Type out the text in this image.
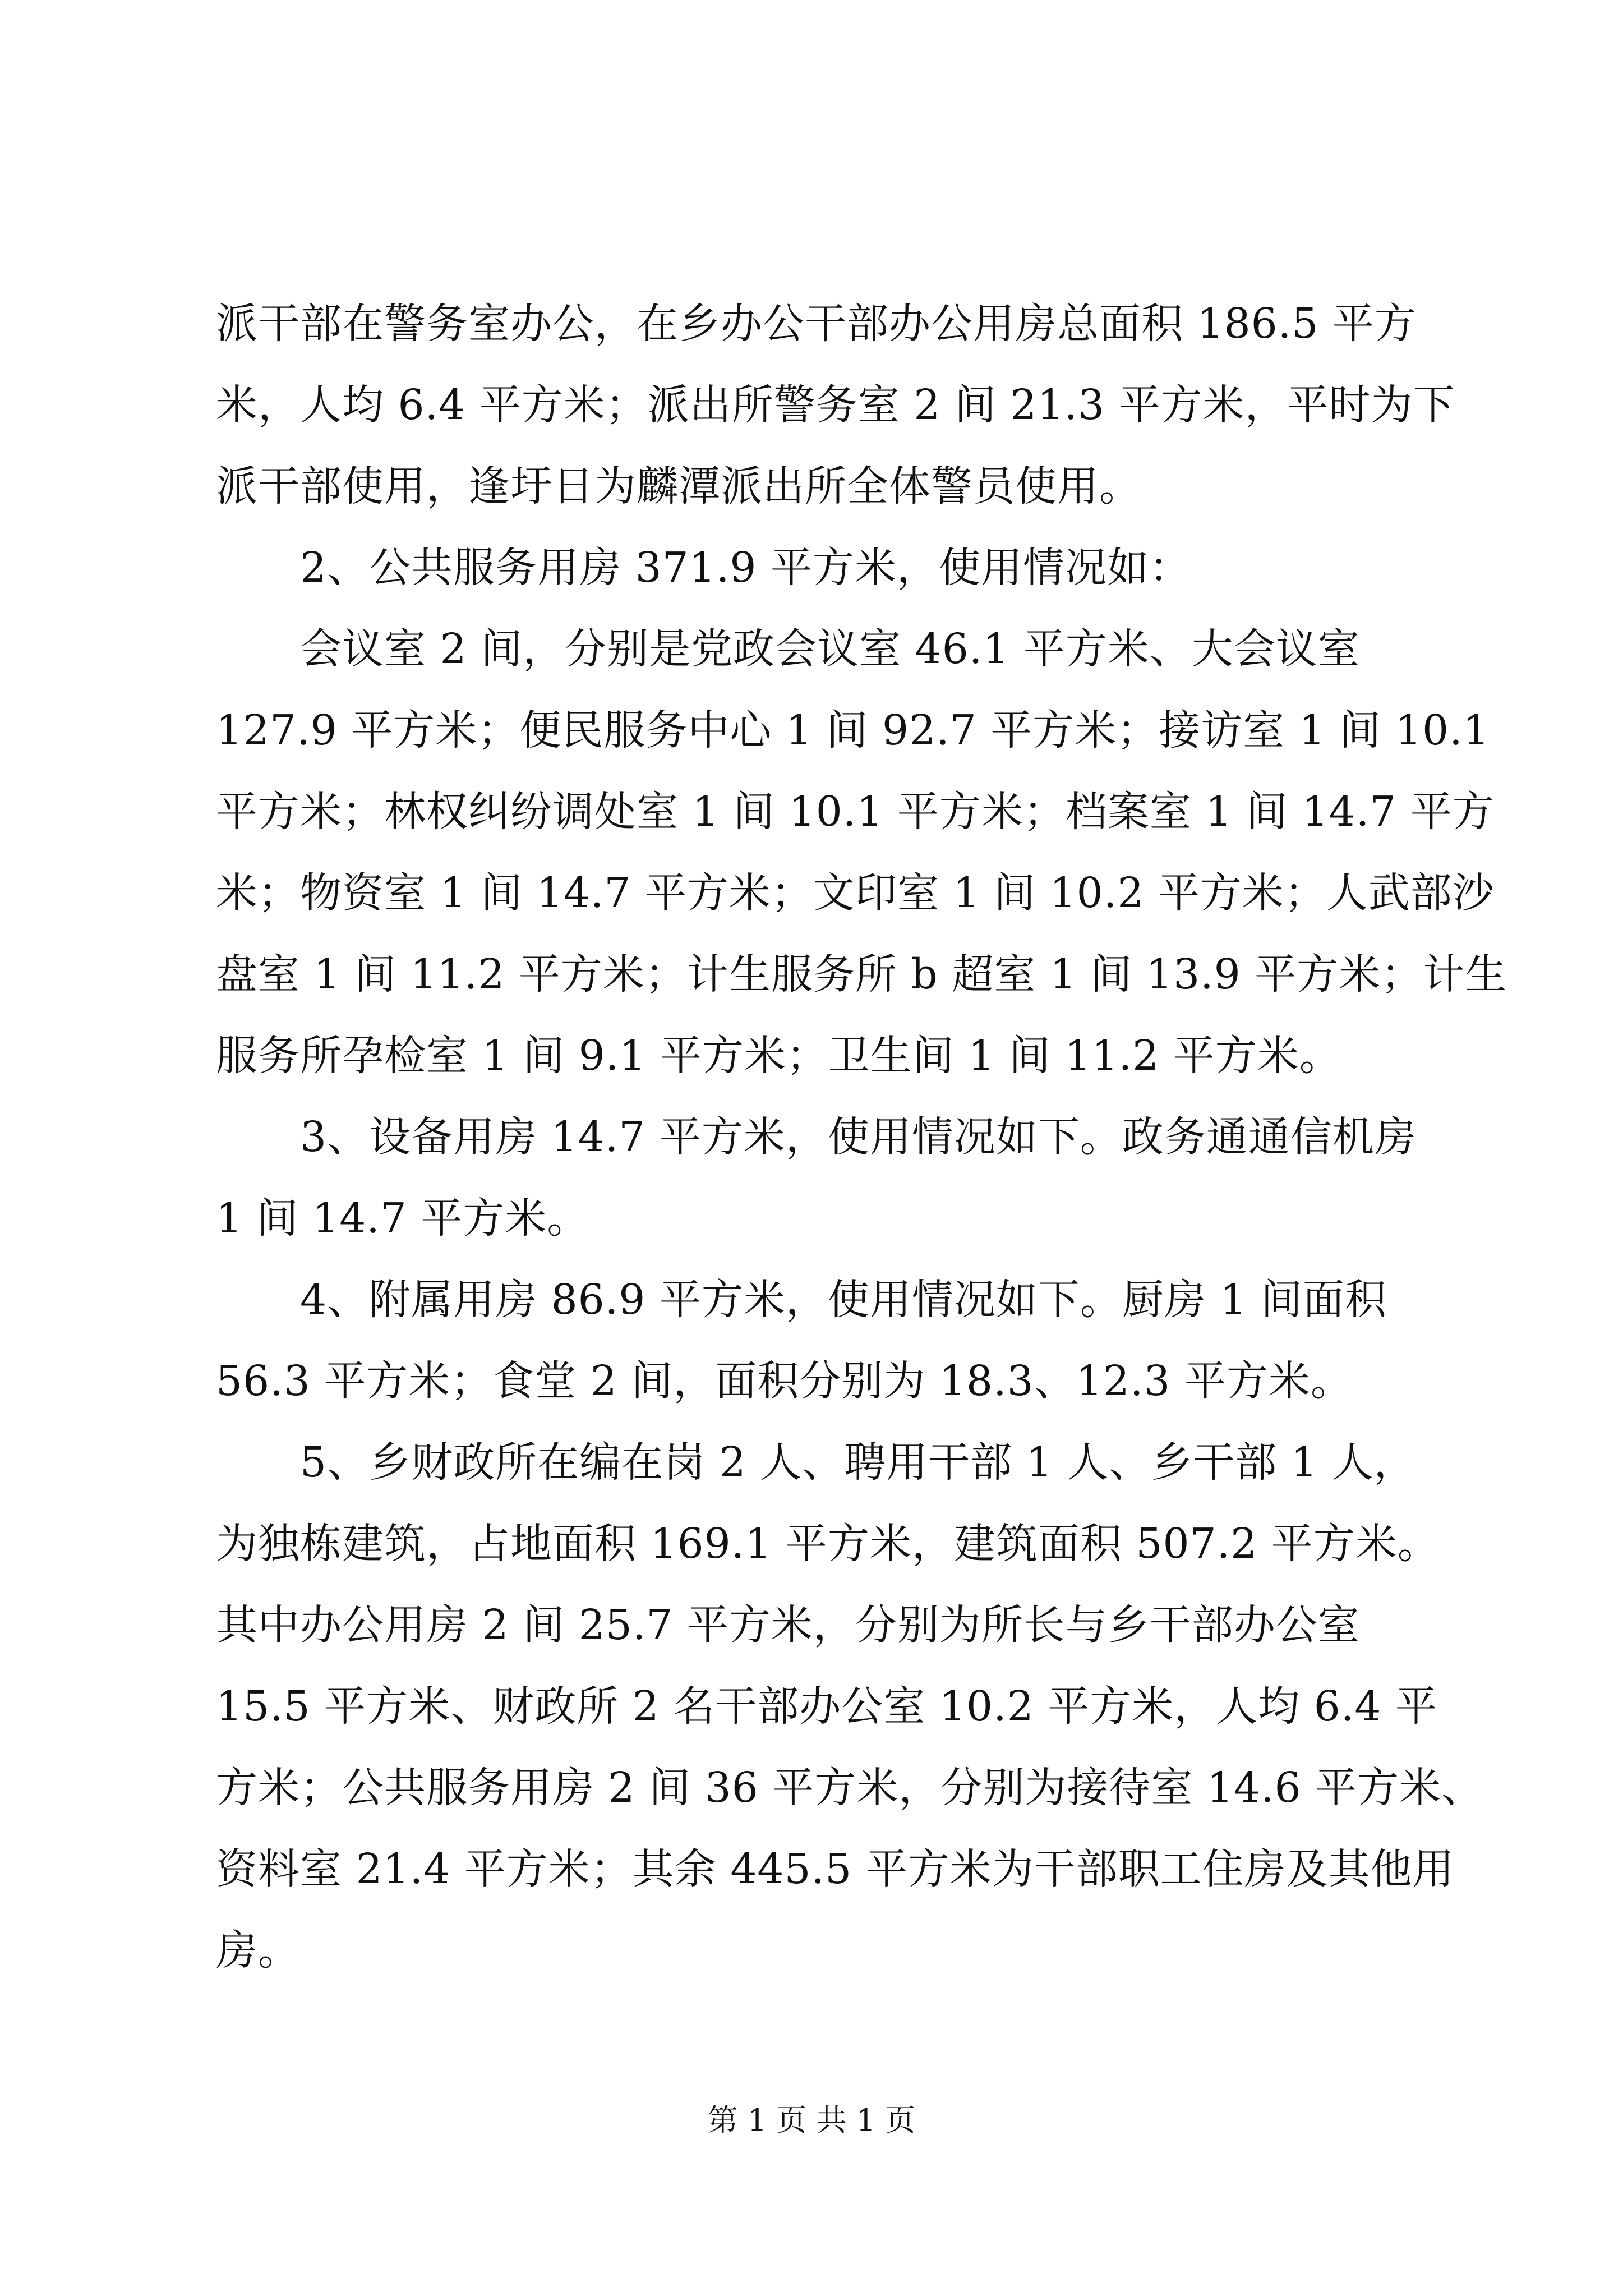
派干部在警务室办公，在乡办公干部办公用房总面积 186.5 平方
米，人均 6.4 平方米；派出所警务室 2 间 21.3 平方米，平时为下
派干部使用，逢圩日为麟潭派出所全体警员使用。
2、公共服务用房 371.9 平方米，使用情况如：
会议室 2 间，分别是党政会议室 46.1 平方米、大会议室
127.9 平方米；便民服务中心 1 间 92.7 平方米；接访室 1 间 10.1
平方米；林权纠纷调处室 1 间 10.1 平方米；档案室 1 间 14.7 平方
米；物资室 1 间 14.7 平方米；文印室 1 间 10.2 平方米；人武部沙
盘室 1 间 11.2 平方米；计生服务所 b 超室 1 间 13.9 平方米；计生
服务所孕检室 1 间 9.1 平方米；卫生间 1 间 11.2 平方米。
3、设备用房 14.7 平方米，使用情况如下。政务通通信机房
1 间 14.7 平方米。
4、附属用房 86.9 平方米，使用情况如下。厨房 1 间面积
56.3 平方米；食堂 2 间，面积分别为 18.3、12.3 平方米。
5、乡财政所在编在岗 2 人、聘用干部 1 人、乡干部 1 人，
为独栋建筑，占地面积 169.1 平方米，建筑面积 507.2 平方米。
其中办公用房 2 间 25.7 平方米，分别为所长与乡干部办公室
15.5 平方米、财政所 2 名干部办公室 10.2 平方米，人均 6.4 平
方米；公共服务用房 2 间 36 平方米，分别为接待室 14.6 平方米、
资料室 21.4 平方米；其余 445.5 平方米为干部职工住房及其他用
房。
第 1 页 共 1 页
